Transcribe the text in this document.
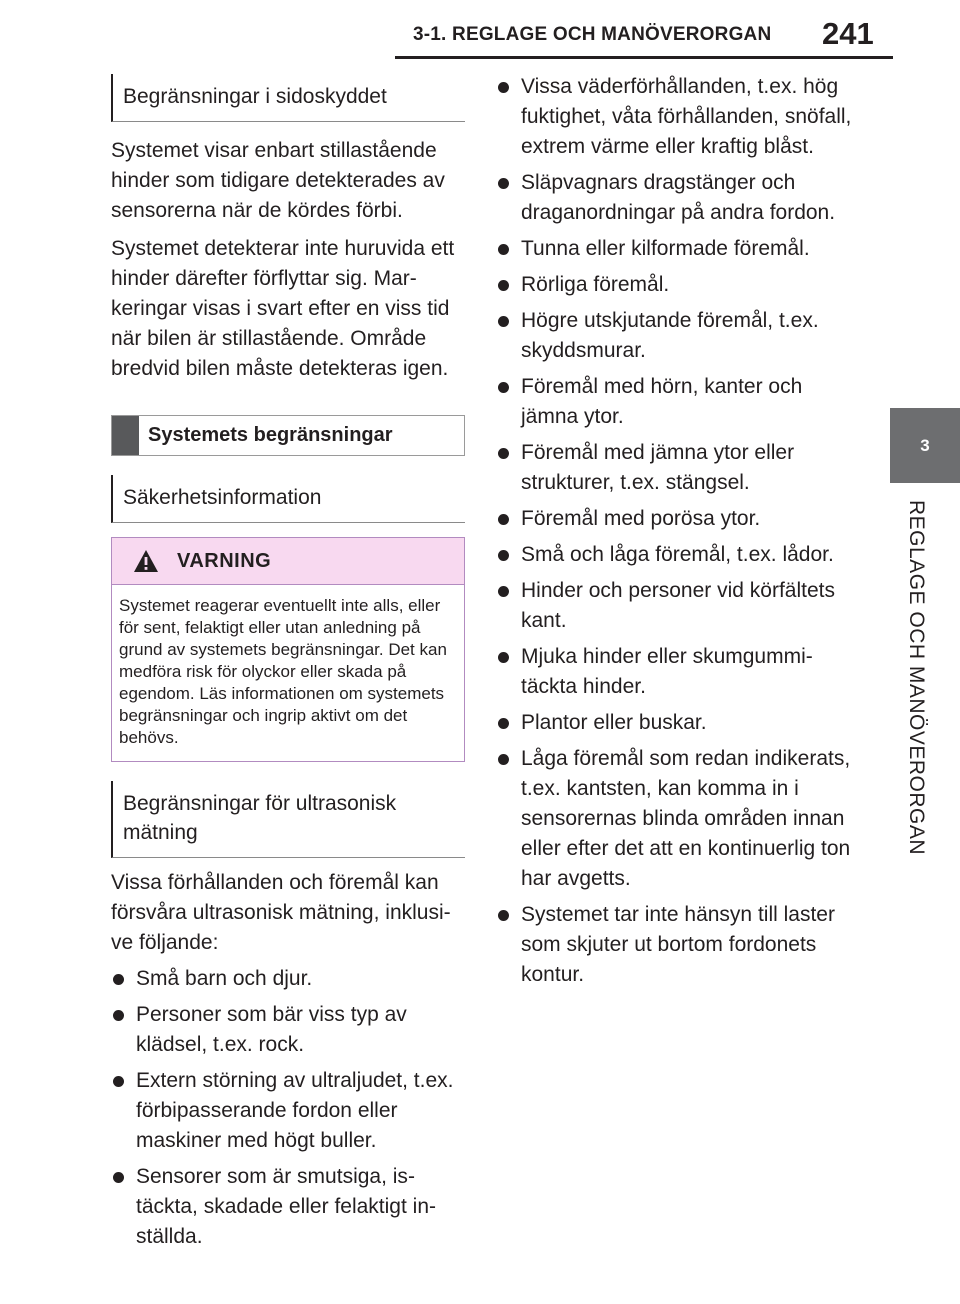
3-1. REGLAGE OCH MANÖVERORGAN 241
3
REGLAGE OCH MANÖVERORGAN
Begränsningar i sidoskyddet

Systemet visar enbart stillastående hinder som tidigare detekterades av sensorerna när de kördes förbi.

Systemet detekterar inte huruvida ett hinder därefter förflyttar sig. Markeringar visas i svart efter en viss tid när bilen är stillastående. Område bredvid bilen måste detekteras igen.

Systemets begränsningar
Säkerhetsinformation
VARNING
Systemet reagerar eventuellt inte alls, eller för sent, felaktigt eller utan anledning på grund av systemets begränsningar. Det kan medföra risk för olyckor eller skada på egendom. Läs informationen om systemets begränsningar och ingrip aktivt om det behövs.
Begränsningar för ultrasonisk mätning

Vissa förhållanden och föremål kan försvåra ultrasonisk mätning, inklusive följande:

Små barn och djur.
Personer som bär viss typ av klädsel, t.ex. rock.
Extern störning av ultraljudet, t.ex. förbipasserande fordon eller maskiner med högt buller.
Sensorer som är smutsiga, istäckta, skadade eller felaktigt inställda.
Vissa väderförhållanden, t.ex. hög fuktighet, våta förhållanden, snöfall, extrem värme eller kraftig blåst.
Släpvagnars dragstänger och draganordningar på andra fordon.
Tunna eller kilformade föremål.
Rörliga föremål.
Högre utskjutande föremål, t.ex. skyddsmurar.
Föremål med hörn, kanter och jämna ytor.
Föremål med jämna ytor eller strukturer, t.ex. stängsel.
Föremål med porösa ytor.
Små och låga föremål, t.ex. lådor.
Hinder och personer vid körfältets kant.
Mjuka hinder eller skumgummitäckta hinder.
Plantor eller buskar.
Låga föremål som redan indikerats, t.ex. kantsten, kan komma in i sensorernas blinda områden innan eller efter det att en kontinuerlig ton har avgetts.
Systemet tar inte hänsyn till laster som skjuter ut bortom fordonets kontur.
